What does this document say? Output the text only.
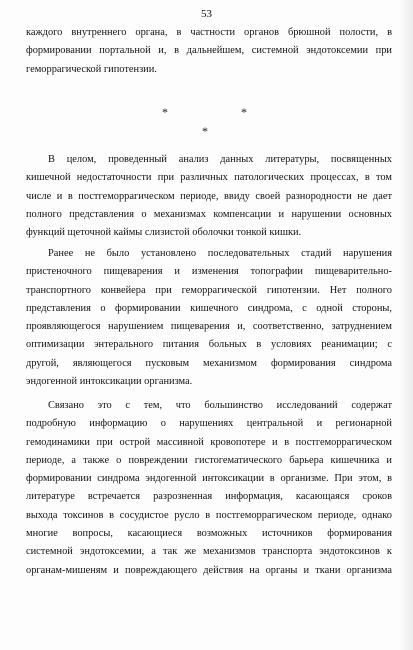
53
каждого внутреннего органа, в частности органов брюшной полости, в
формировании портальной и, в дальнейшем, системной эндотоксемии при
геморрагической гипотензии.
*	*
*
В целом, проведенный анализ данных литературы, посвященных
кишечной недостаточности при различных патологических процессах, в том
числе и в постгеморрагическом периоде, ввиду своей разнородности не дает
полного представления о механизмах компенсации и нарушении основных
функций щеточной каймы слизистой оболочки тонкой кишки.
Ранее не было установлено последовательных стадий нарушения
пристеночного пищеварения и изменения топографии пищеварительно-
транспортного конвейера при геморрагической гипотензии. Нет полного
представления о формировании кишечного синдрома, с одной стороны,
проявляющегося нарушением пищеварения и, соответственно, затруднением
оптимизации энтерального питания больных в условиях реанимации; с
другой, являющегося пусковым механизмом формирования синдрома
эндогенной интоксикации организма.
Связано это с тем, что большинство исследований содержат
подробную информацию о нарушениях центральной и регионарной
гемодинамики при острой массивной кровопотере и в постгеморрагическом
периоде, а также о повреждении гистогематического барьера кишечника и
формировании синдрома эндогенной интоксикации в организме. При этом, в
литературе встречается разрозненная информация, касающаяся сроков
выхода токсинов в сосудистое русло в постгеморрагическом периоде, однако
многие вопросы, касающиеся возможных источников формирования
системной эндотоксемии, а так же механизмов транспорта эндотоксинов к
органам-мишеням и повреждающего действия на органы и ткани организма
